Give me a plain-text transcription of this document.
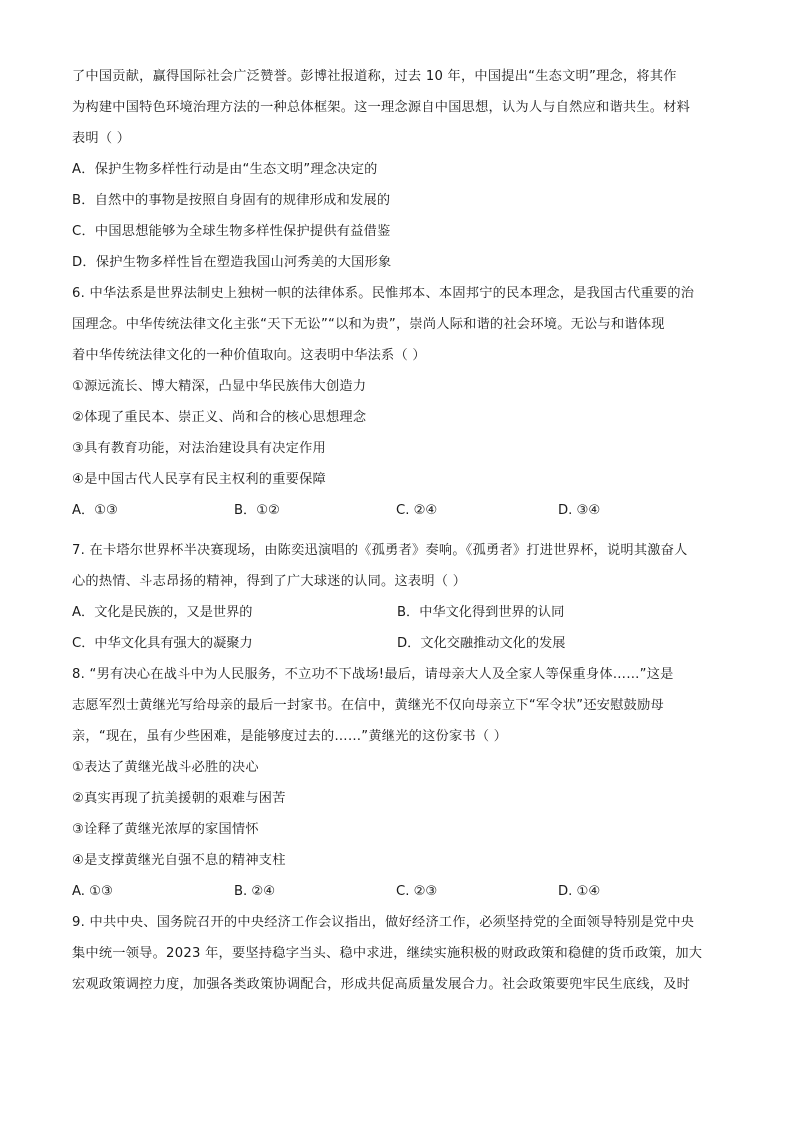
了中国贡献，赢得国际社会广泛赞誉。彭博社报道称，过去 10 年，中国提出“生态文明”理念，将其作
为构建中国特色环境治理方法的一种总体框架。这一理念源自中国思想，认为人与自然应和谐共生。材料
表明（ ）
A．保护生物多样性行动是由“生态文明”理念决定的
B．自然中的事物是按照自身固有的规律形成和发展的
C．中国思想能够为全球生物多样性保护提供有益借鉴
D．保护生物多样性旨在塑造我国山河秀美的大国形象
6. 中华法系是世界法制史上独树一帜的法律体系。民惟邦本、本固邦宁的民本理念，是我国古代重要的治
国理念。中华传统法律文化主张“天下无讼”“以和为贵”，崇尚人际和谐的社会环境。无讼与和谐体现
着中华传统法律文化的一种价值取向。这表明中华法系（ ）
①源远流长、博大精深，凸显中华民族伟大创造力
②体现了重民本、崇正义、尚和合的核心思想理念
③具有教育功能，对法治建设具有决定作用
④是中国古代人民享有民主权利的重要保障
A．①③	B．①②	C. ②④	D. ③④
7. 在卡塔尔世界杯半决赛现场，由陈奕迅演唱的《孤勇者》奏响。《孤勇者》打进世界杯，说明其激奋人
心的热情、斗志昂扬的精神，得到了广大球迷的认同。这表明（ ）
A．文化是民族的，又是世界的	B．中华文化得到世界的认同
C．中华文化具有强大的凝聚力	D．文化交融推动文化的发展
8. “男有决心在战斗中为人民服务，不立功不下战场!最后，请母亲大人及全家人等保重身体……”这是
志愿军烈士黄继光写给母亲的最后一封家书。在信中，黄继光不仅向母亲立下“军令状”还安慰鼓励母
亲，“现在，虽有少些困难，是能够度过去的……”黄继光的这份家书（ ）
①表达了黄继光战斗必胜的决心
②真实再现了抗美援朝的艰难与困苦
③诠释了黄继光浓厚的家国情怀
④是支撑黄继光自强不息的精神支柱
A. ①③	B. ②④	C. ②③	D. ①④
9. 中共中央、国务院召开的中央经济工作会议指出，做好经济工作，必须坚持党的全面领导特别是党中央
集中统一领导。2023 年，要坚持稳字当头、稳中求进，继续实施积极的财政政策和稳健的货币政策，加大
宏观政策调控力度，加强各类政策协调配合，形成共促高质量发展合力。社会政策要兜牢民生底线，及时
